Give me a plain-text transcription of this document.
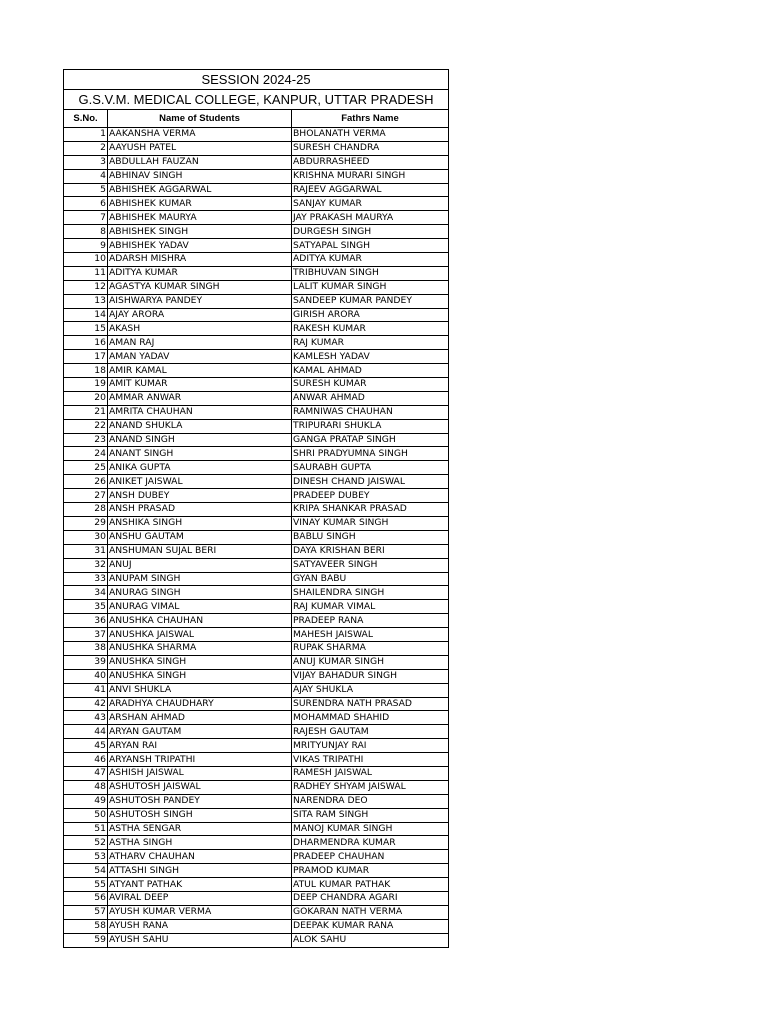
SESSION 2024-25		
G.S.V.M. MEDICAL COLLEGE, KANPUR, UTTAR PRADESH		
S.No.	Name of Students	Fathrs Name
1	AAKANSHA VERMA	BHOLANATH VERMA
2	AAYUSH PATEL	SURESH CHANDRA
3	ABDULLAH FAUZAN	ABDURRASHEED
4	ABHINAV SINGH	KRISHNA MURARI SINGH
5	ABHISHEK AGGARWAL	RAJEEV AGGARWAL
6	ABHISHEK KUMAR	SANJAY KUMAR
7	ABHISHEK MAURYA	JAY PRAKASH MAURYA
8	ABHISHEK SINGH	DURGESH SINGH
9	ABHISHEK YADAV	SATYAPAL SINGH
10	ADARSH MISHRA	ADITYA KUMAR
11	ADITYA KUMAR	TRIBHUVAN SINGH
12	AGASTYA KUMAR SINGH	LALIT KUMAR SINGH
13	AISHWARYA PANDEY	SANDEEP KUMAR PANDEY
14	AJAY ARORA	GIRISH ARORA
15	AKASH	RAKESH KUMAR
16	AMAN RAJ	RAJ KUMAR
17	AMAN YADAV	KAMLESH YADAV
18	AMIR KAMAL	KAMAL AHMAD
19	AMIT KUMAR	SURESH KUMAR
20	AMMAR ANWAR	ANWAR AHMAD
21	AMRITA CHAUHAN	RAMNIWAS CHAUHAN
22	ANAND SHUKLA	TRIPURARI SHUKLA
23	ANAND SINGH	GANGA PRATAP SINGH
24	ANANT SINGH	SHRI PRADYUMNA SINGH
25	ANIKA GUPTA	SAURABH GUPTA
26	ANIKET JAISWAL	DINESH CHAND JAISWAL
27	ANSH DUBEY	PRADEEP DUBEY
28	ANSH PRASAD	KRIPA SHANKAR PRASAD
29	ANSHIKA SINGH	VINAY KUMAR SINGH
30	ANSHU GAUTAM	BABLU SINGH
31	ANSHUMAN SUJAL BERI	DAYA KRISHAN BERI
32	ANUJ	SATYAVEER SINGH
33	ANUPAM SINGH	GYAN BABU
34	ANURAG SINGH	SHAILENDRA SINGH
35	ANURAG VIMAL	RAJ KUMAR VIMAL
36	ANUSHKA CHAUHAN	PRADEEP RANA
37	ANUSHKA JAISWAL	MAHESH JAISWAL
38	ANUSHKA SHARMA	RUPAK SHARMA
39	ANUSHKA SINGH	ANUJ KUMAR SINGH
40	ANUSHKA SINGH	VIJAY BAHADUR SINGH
41	ANVI SHUKLA	AJAY SHUKLA
42	ARADHYA CHAUDHARY	SURENDRA NATH PRASAD
43	ARSHAN AHMAD	MOHAMMAD SHAHID
44	ARYAN GAUTAM	RAJESH GAUTAM
45	ARYAN RAI	MRITYUNJAY RAI
46	ARYANSH TRIPATHI	VIKAS TRIPATHI
47	ASHISH JAISWAL	RAMESH JAISWAL
48	ASHUTOSH JAISWAL	RADHEY SHYAM JAISWAL
49	ASHUTOSH PANDEY	NARENDRA DEO
50	ASHUTOSH SINGH	SITA RAM SINGH
51	ASTHA SENGAR	MANOJ KUMAR SINGH
52	ASTHA SINGH	DHARMENDRA KUMAR
53	ATHARV CHAUHAN	PRADEEP CHAUHAN
54	ATTASHI SINGH	PRAMOD KUMAR
55	ATYANT PATHAK	ATUL KUMAR PATHAK
56	AVIRAL DEEP	DEEP CHANDRA AGARI
57	AYUSH KUMAR VERMA	GOKARAN NATH VERMA
58	AYUSH RANA	DEEPAK KUMAR RANA
59	AYUSH SAHU	ALOK SAHU
